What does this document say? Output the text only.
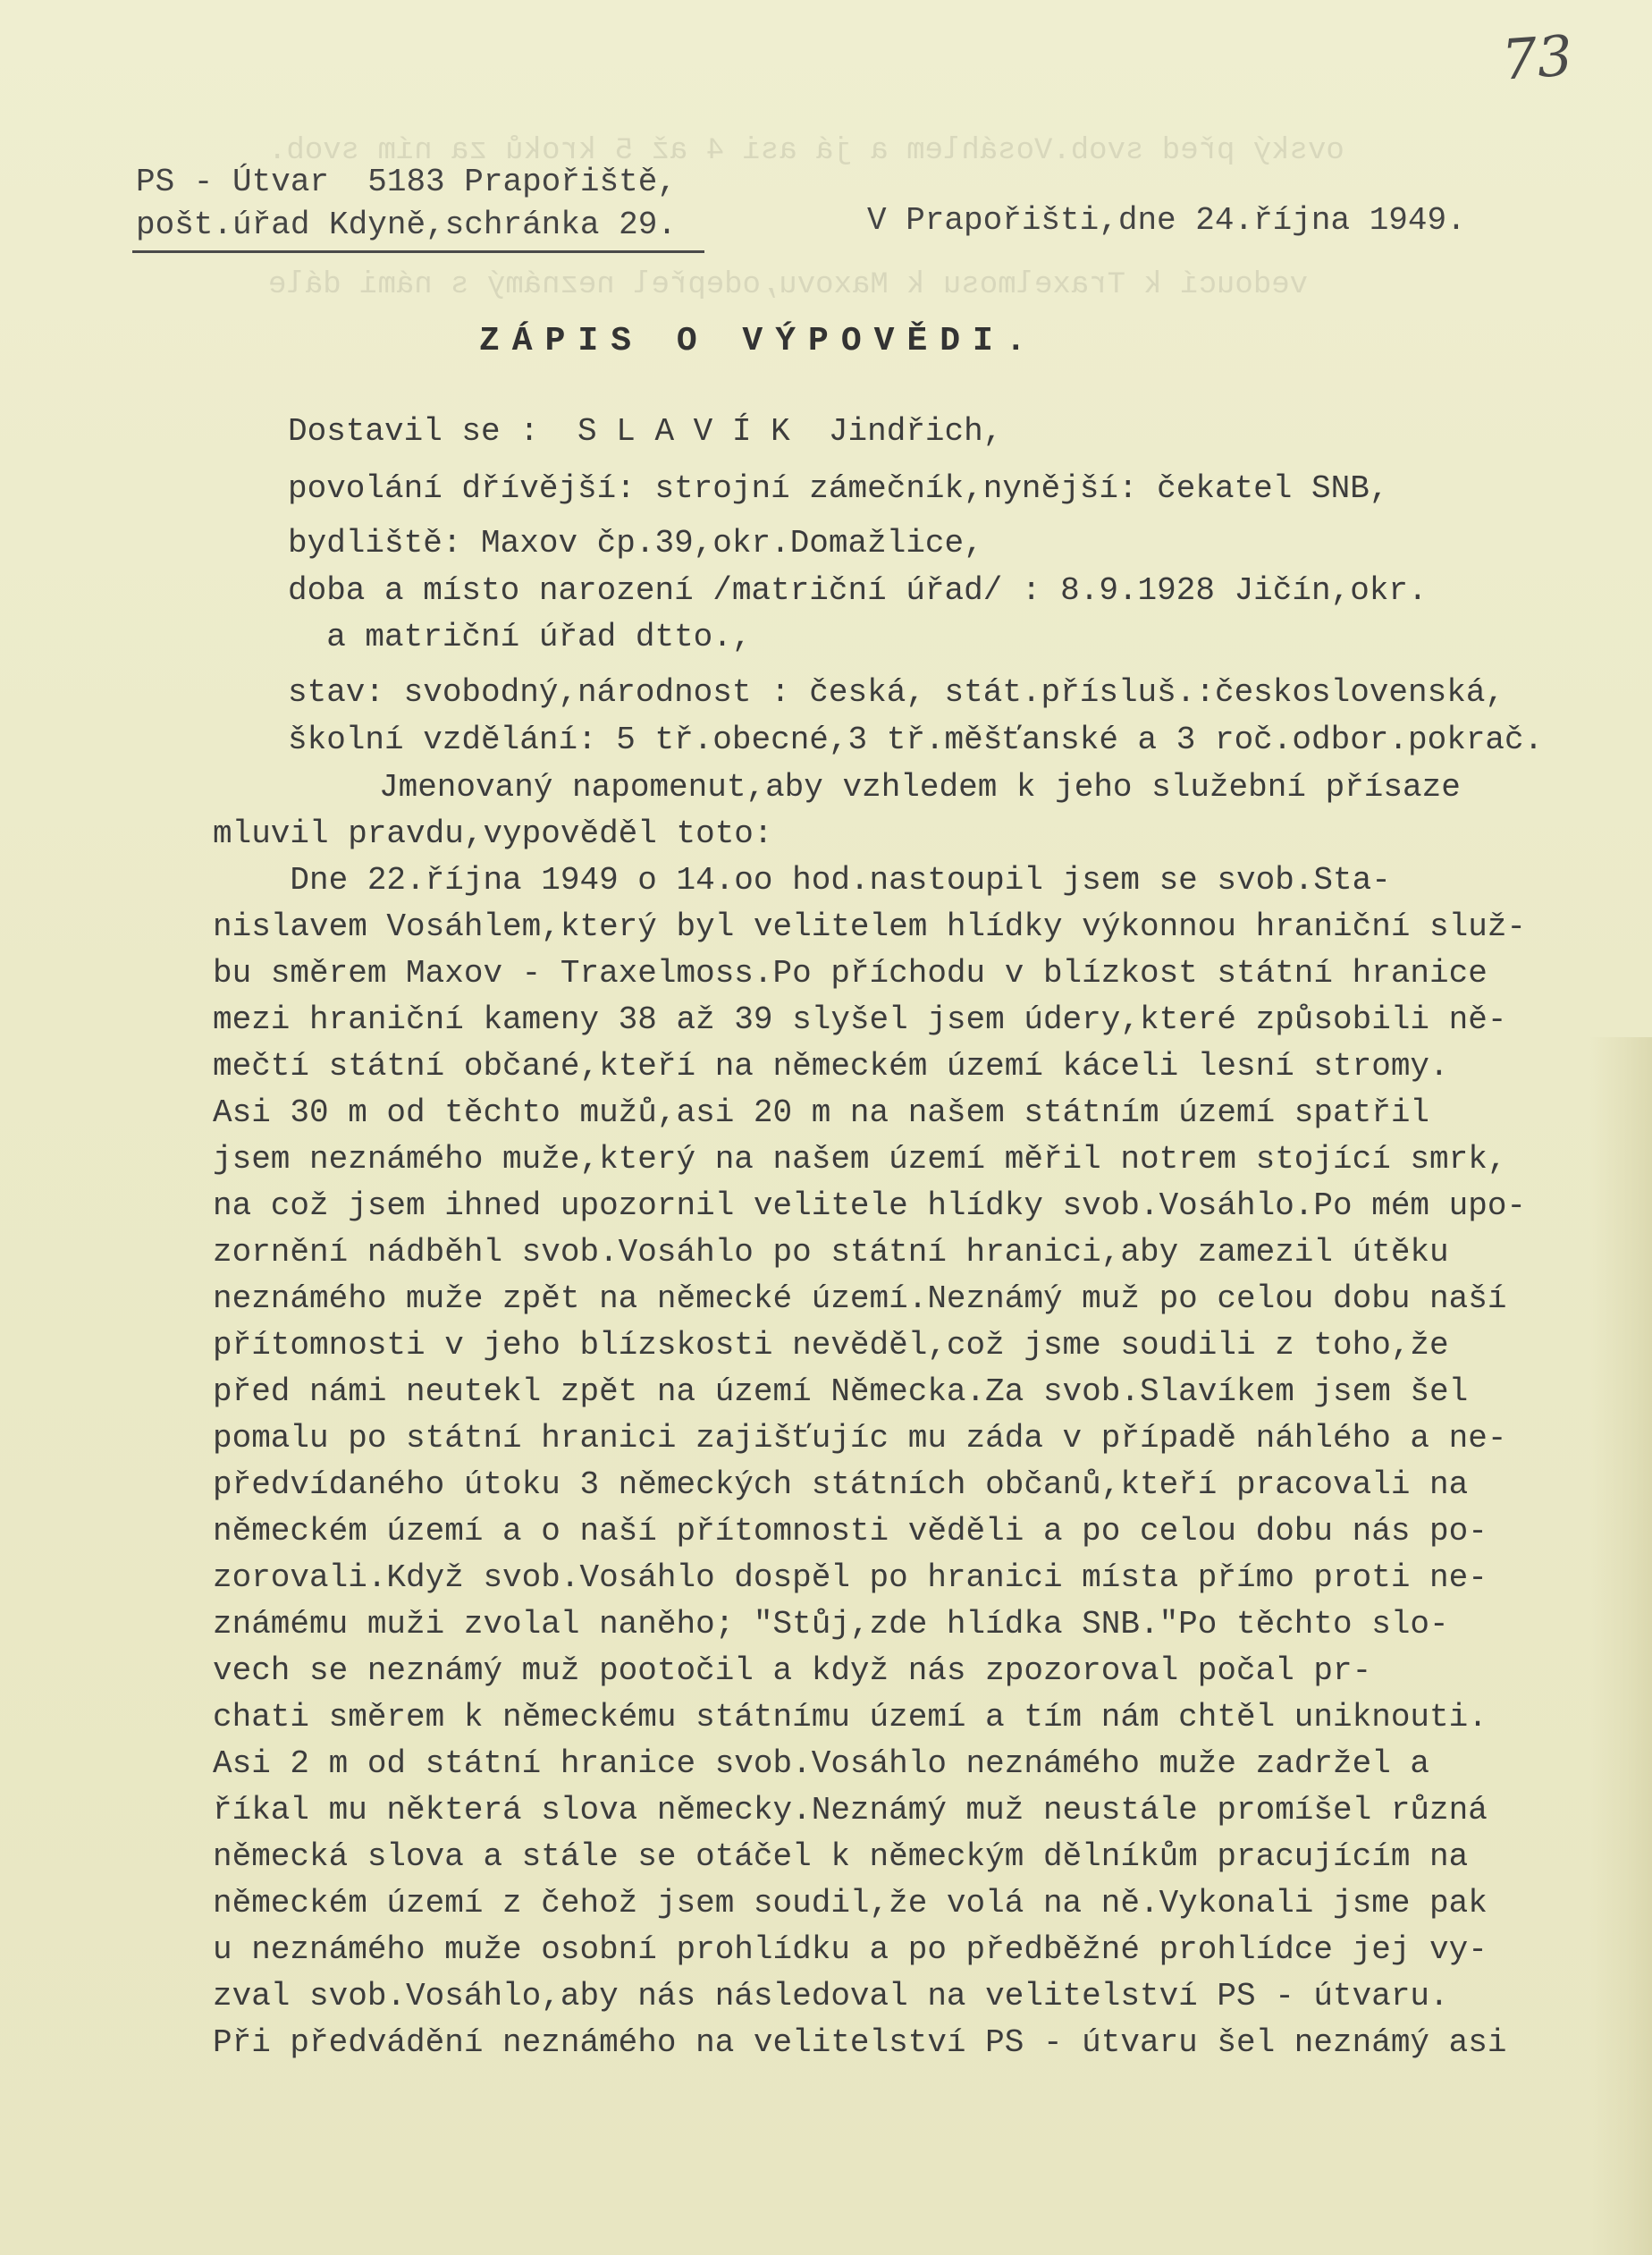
ovský před svob.Vosáhlem a já asi 4 až 5 kroků za ním svob.
vedoucí k Traxelmosu k Maxovu,odepřel neznámý s námi dále
73
PS - Útvar  5183 Prapořiště,
pošt.úřad Kdyně,schránka 29.	V Prapořišti,dne 24.října 1949.
ZÁPIS O VÝPOVĚDI.
Dostavil se :  S L A V Í K  Jindřich,
povolání dřívější: strojní zámečník,nynější: čekatel SNB,
bydliště: Maxov čp.39,okr.Domažlice,
doba a místo narození /matriční úřad/ : 8.9.1928 Jičín,okr.
a matriční úřad dtto.,
stav: svobodný,národnost : česká, stát.přísluš.:československá,
školní vzdělání: 5 tř.obecné,3 tř.měšťanské a 3 roč.odbor.pokrač.
Jmenovaný napomenut,aby vzhledem k jeho služební přísaze
mluvil pravdu,vypověděl toto:
Dne 22.října 1949 o 14.oo hod.nastoupil jsem se svob.Sta-
nislavem Vosáhlem,který byl velitelem hlídky výkonnou hraniční služ-
bu směrem Maxov - Traxelmoss.Po příchodu v blízkost státní hranice
mezi hraniční kameny 38 až 39 slyšel jsem údery,které způsobili ně-
mečtí státní občané,kteří na německém území káceli lesní stromy.
Asi 30 m od těchto mužů,asi 20 m na našem státním území spatřil
jsem neznámého muže,který na našem území měřil notrem stojící smrk,
na což jsem ihned upozornil velitele hlídky svob.Vosáhlo.Po mém upo-
zornění nádběhl svob.Vosáhlo po státní hranici,aby zamezil útěku
neznámého muže zpět na německé území.Neznámý muž po celou dobu naší
přítomnosti v jeho blízskosti nevěděl,což jsme soudili z toho,že
před námi neutekl zpět na území Německa.Za svob.Slavíkem jsem šel
pomalu po státní hranici zajišťujíc mu záda v případě náhlého a ne-
předvídaného útoku 3 německých státních občanů,kteří pracovali na
německém území a o naší přítomnosti věděli a po celou dobu nás po-
zorovali.Když svob.Vosáhlo dospěl po hranici místa přímo proti ne-
známému muži zvolal naněho; "Stůj,zde hlídka SNB."Po těchto slo-
vech se neznámý muž pootočil a když nás zpozoroval počal pr-
chati směrem k německému státnímu území a tím nám chtěl uniknouti.
Asi 2 m od státní hranice svob.Vosáhlo neznámého muže zadržel a
říkal mu některá slova německy.Neznámý muž neustále promíšel různá
německá slova a stále se otáčel k německým dělníkům pracujícím na
německém území z čehož jsem soudil,že volá na ně.Vykonali jsme pak
u neznámého muže osobní prohlídku a po předběžné prohlídce jej vy-
zval svob.Vosáhlo,aby nás následoval na velitelství PS - útvaru.
Při předvádění neznámého na velitelství PS - útvaru šel neznámý asi
